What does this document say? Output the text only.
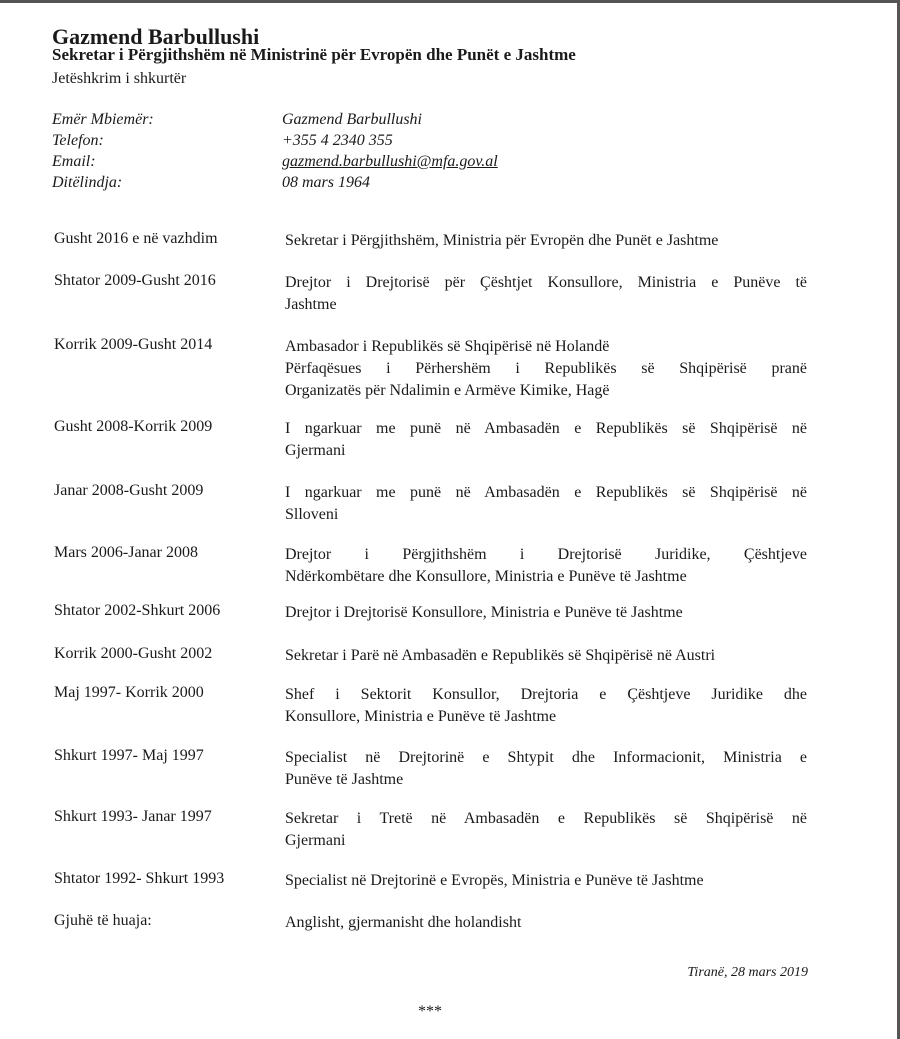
Gazmend Barbullushi
Sekretar i Përgjithshëm në Ministrinë për Evropën dhe Punët e Jashtme
Jetëshkrim i shkurtër
Emër Mbiemër:	Gazmend Barbullushi
Telefon:	+355 4 2340 355
Email:	gazmend.barbullushi@mfa.gov.al
Ditëlindja:	08 mars 1964
Gusht 2016 e në vazhdim	Sekretar i Përgjithshëm, Ministria për Evropën dhe Punët e Jashtme
Shtator 2009-Gusht 2016	Drejtor i Drejtorisë për Çështjet Konsullore, Ministria e Punëve të
Jashtme
Korrik 2009-Gusht 2014	Ambasador i Republikës së Shqipërisë në Holandë
Përfaqësues i Përhershëm i Republikës së Shqipërisë pranë
Organizatës për Ndalimin e Armëve Kimike, Hagë
Gusht 2008-Korrik 2009	I ngarkuar me punë në Ambasadën e Republikës së Shqipërisë në
Gjermani
Janar 2008-Gusht 2009	I ngarkuar me punë në Ambasadën e Republikës së Shqipërisë në
Slloveni
Mars 2006-Janar 2008	Drejtor i Përgjithshëm i Drejtorisë Juridike, Çështjeve
Ndërkombëtare dhe Konsullore, Ministria e Punëve të Jashtme
Shtator 2002-Shkurt 2006	Drejtor i Drejtorisë Konsullore, Ministria e Punëve të Jashtme
Korrik 2000-Gusht 2002	Sekretar i Parë në Ambasadën e Republikës së Shqipërisë në Austri
Maj 1997- Korrik 2000	Shef i Sektorit Konsullor, Drejtoria e Çështjeve Juridike dhe
Konsullore, Ministria e Punëve të Jashtme
Shkurt 1997- Maj 1997	Specialist në Drejtorinë e Shtypit dhe Informacionit, Ministria e
Punëve të Jashtme
Shkurt 1993- Janar 1997	Sekretar i Tretë në Ambasadën e Republikës së Shqipërisë në
Gjermani
Shtator 1992- Shkurt 1993	Specialist në Drejtorinë e Evropës, Ministria e Punëve të Jashtme
Gjuhë të huaja:	Anglisht, gjermanisht dhe holandisht
Tiranë, 28 mars 2019
***
